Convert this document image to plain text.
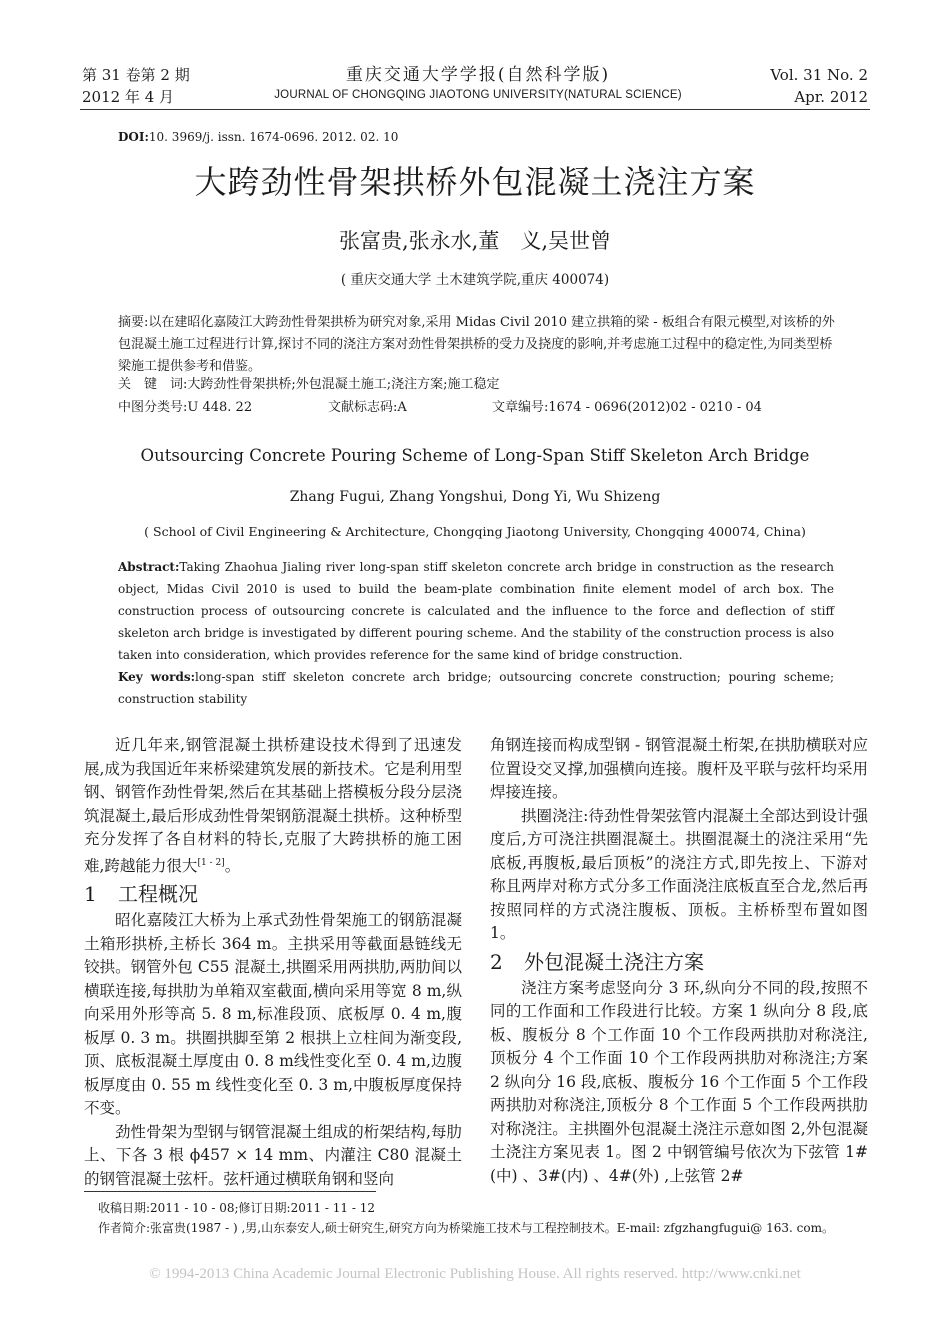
第 31 卷第 2 期
2012 年 4 月
重庆交通大学学报(自然科学版)
JOURNAL OF CHONGQING JIAOTONG UNIVERSITY(NATURAL SCIENCE)
Vol. 31 No. 2
Apr. 2012
DOI:10. 3969/j. issn. 1674-0696. 2012. 02. 10
大跨劲性骨架拱桥外包混凝土浇注方案
张富贵,张永水,董　义,吴世曾
( 重庆交通大学 土木建筑学院,重庆 400074)
摘要:以在建昭化嘉陵江大跨劲性骨架拱桥为研究对象,采用 Midas Civil 2010 建立拱箱的梁 - 板组合有限元模型,对该桥的外包混凝土施工过程进行计算,探讨不同的浇注方案对劲性骨架拱桥的受力及挠度的影响,并考虑施工过程中的稳定性,为同类型桥梁施工提供参考和借鉴。
关　键　词:大跨劲性骨架拱桥;外包混凝土施工;浇注方案;施工稳定
中图分类号:U 448. 22	文献标志码:A	文章编号:1674 - 0696(2012)02 - 0210 - 04
Outsourcing Concrete Pouring Scheme of Long-Span Stiff Skeleton Arch Bridge
Zhang Fugui, Zhang Yongshui, Dong Yi, Wu Shizeng
( School of Civil Engineering & Architecture, Chongqing Jiaotong University, Chongqing 400074, China)
Abstract:Taking Zhaohua Jialing river long-span stiff skeleton concrete arch bridge in construction as the research object, Midas Civil 2010 is used to build the beam-plate combination finite element model of arch box. The construction process of outsourcing concrete is calculated and the influence to the force and deflection of stiff skeleton arch bridge is investigated by different pouring scheme. And the stability of the construction process is also taken into consideration, which provides reference for the same kind of bridge construction.
Key words:long-span stiff skeleton concrete arch bridge; outsourcing concrete construction; pouring scheme; construction stability

近几年来,钢管混凝土拱桥建设技术得到了迅速发展,成为我国近年来桥梁建筑发展的新技术。它是利用型钢、钢管作劲性骨架,然后在其基础上搭模板分段分层浇筑混凝土,最后形成劲性骨架钢筋混凝土拱桥。这种桥型充分发挥了各自材料的特长,克服了大跨拱桥的施工困难,跨越能力很大[1 - 2]。

1 工程概况

昭化嘉陵江大桥为上承式劲性骨架施工的钢筋混凝土箱形拱桥,主桥长 364 m。主拱采用等截面悬链线无铰拱。钢管外包 C55 混凝土,拱圈采用两拱肋,两肋间以横联连接,每拱肋为单箱双室截面,横向采用等宽 8 m,纵向采用外形等高 5. 8 m,标准段顶、底板厚 0. 4 m,腹板厚 0. 3 m。拱圈拱脚至第 2 根拱上立柱间为渐变段,顶、底板混凝土厚度由 0. 8 m线性变化至 0. 4 m,边腹板厚度由 0. 55 m 线性变化至 0. 3 m,中腹板厚度保持不变。

劲性骨架为型钢与钢管混凝土组成的桁架结构,每肋上、下各 3 根 ϕ457 × 14 mm、内灌注 C80 混凝土的钢管混凝土弦杆。弦杆通过横联角钢和竖向

角钢连接而构成型钢 - 钢管混凝土桁架,在拱肋横联对应位置设交叉撑,加强横向连接。腹杆及平联与弦杆均采用焊接连接。

拱圈浇注:待劲性骨架弦管内混凝土全部达到设计强度后,方可浇注拱圈混凝土。拱圈混凝土的浇注采用“先底板,再腹板,最后顶板”的浇注方式,即先按上、下游对称且两岸对称方式分多工作面浇注底板直至合龙,然后再按照同样的方式浇注腹板、顶板。主桥桥型布置如图 1。

2 外包混凝土浇注方案

浇注方案考虑竖向分 3 环,纵向分不同的段,按照不同的工作面和工作段进行比较。方案 1 纵向分 8 段,底板、腹板分 8 个工作面 10 个工作段两拱肋对称浇注,顶板分 4 个工作面 10 个工作段两拱肋对称浇注;方案 2 纵向分 16 段,底板、腹板分 16 个工作面 5 个工作段两拱肋对称浇注,顶板分 8 个工作面 5 个工作段两拱肋对称浇注。主拱圈外包混凝土浇注示意如图 2,外包混凝土浇注方案见表 1。图 2 中钢管编号依次为下弦管 1#(中) 、3#(内) 、4#(外) ,上弦管 2#

收稿日期:2011 - 10 - 08;修订日期:2011 - 11 - 12
作者简介:张富贵(1987 - ) ,男,山东泰安人,硕士研究生,研究方向为桥梁施工技术与工程控制技术。E-mail: zfgzhangfugui@ 163. com。
© 1994-2013 China Academic Journal Electronic Publishing House. All rights reserved. http://www.cnki.net
